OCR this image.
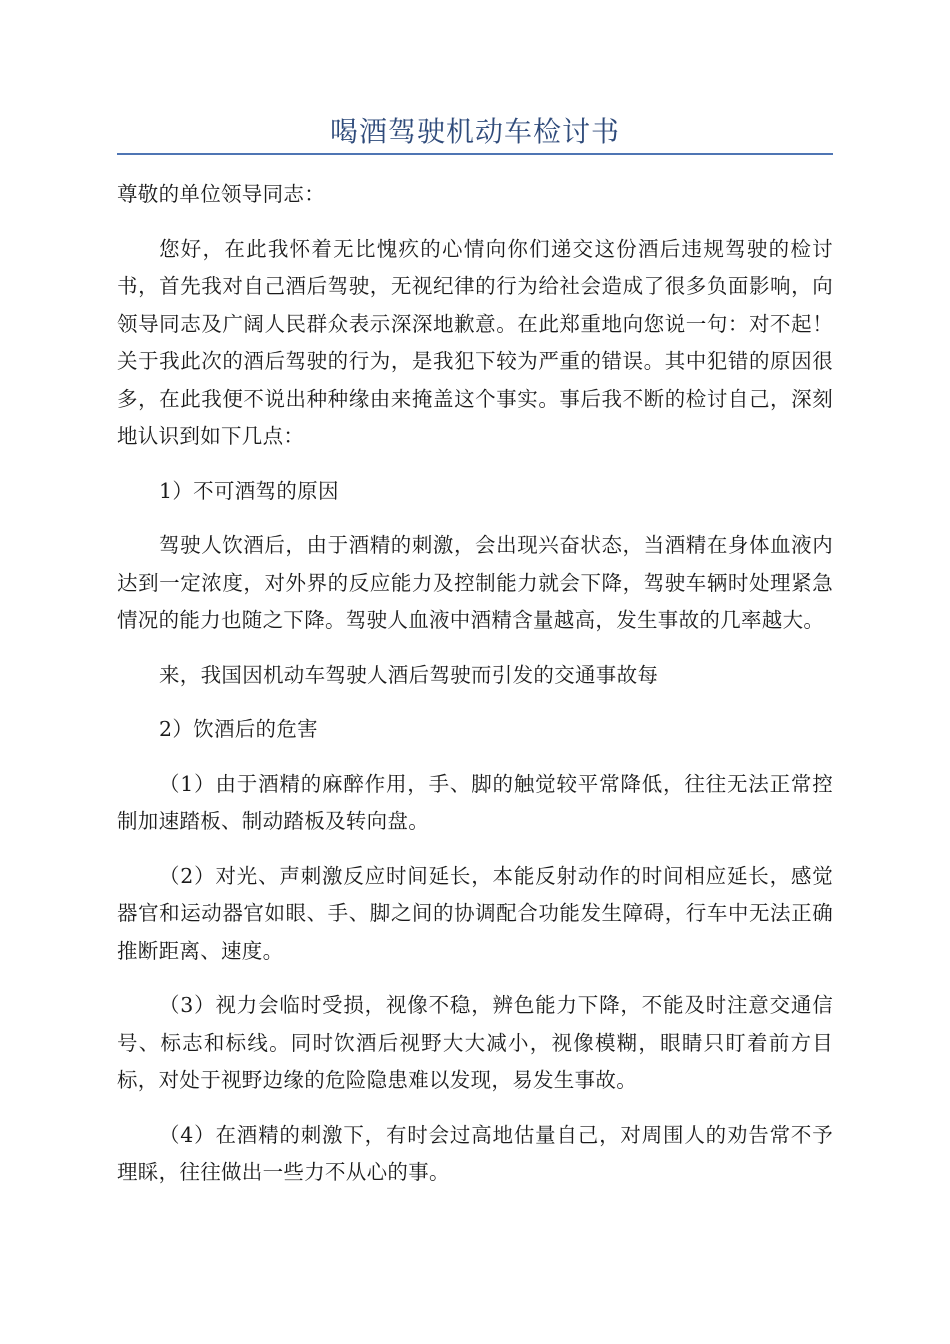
喝酒驾驶机动车检讨书

尊敬的单位领导同志：

您好，在此我怀着无比愧疚的心情向你们递交这份酒后违规驾驶的检讨书，首先我对自己酒后驾驶，无视纪律的行为给社会造成了很多负面影响，向领导同志及广阔人民群众表示深深地歉意。在此郑重地向您说一句：对不起！关于我此次的酒后驾驶的行为，是我犯下较为严重的错误。其中犯错的原因很多，在此我便不说出种种缘由来掩盖这个事实。事后我不断的检讨自己，深刻地认识到如下几点：

1）不可酒驾的原因

驾驶人饮酒后，由于酒精的刺激，会出现兴奋状态，当酒精在身体血液内达到一定浓度，对外界的反应能力及控制能力就会下降，驾驶车辆时处理紧急情况的能力也随之下降。驾驶人血液中酒精含量越高，发生事故的几率越大。

来，我国因机动车驾驶人酒后驾驶而引发的交通事故每

2）饮酒后的危害

（1）由于酒精的麻醉作用，手、脚的触觉较平常降低，往往无法正常控制加速踏板、制动踏板及转向盘。

（2）对光、声刺激反应时间延长，本能反射动作的时间相应延长，感觉器官和运动器官如眼、手、脚之间的协调配合功能发生障碍，行车中无法正确推断距离、速度。

（3）视力会临时受损，视像不稳，辨色能力下降，不能及时注意交通信号、标志和标线。同时饮酒后视野大大减小，视像模糊，眼睛只盯着前方目标，对处于视野边缘的危险隐患难以发现，易发生事故。

（4）在酒精的刺激下，有时会过高地估量自己，对周围人的劝告常不予理睬，往往做出一些力不从心的事。
